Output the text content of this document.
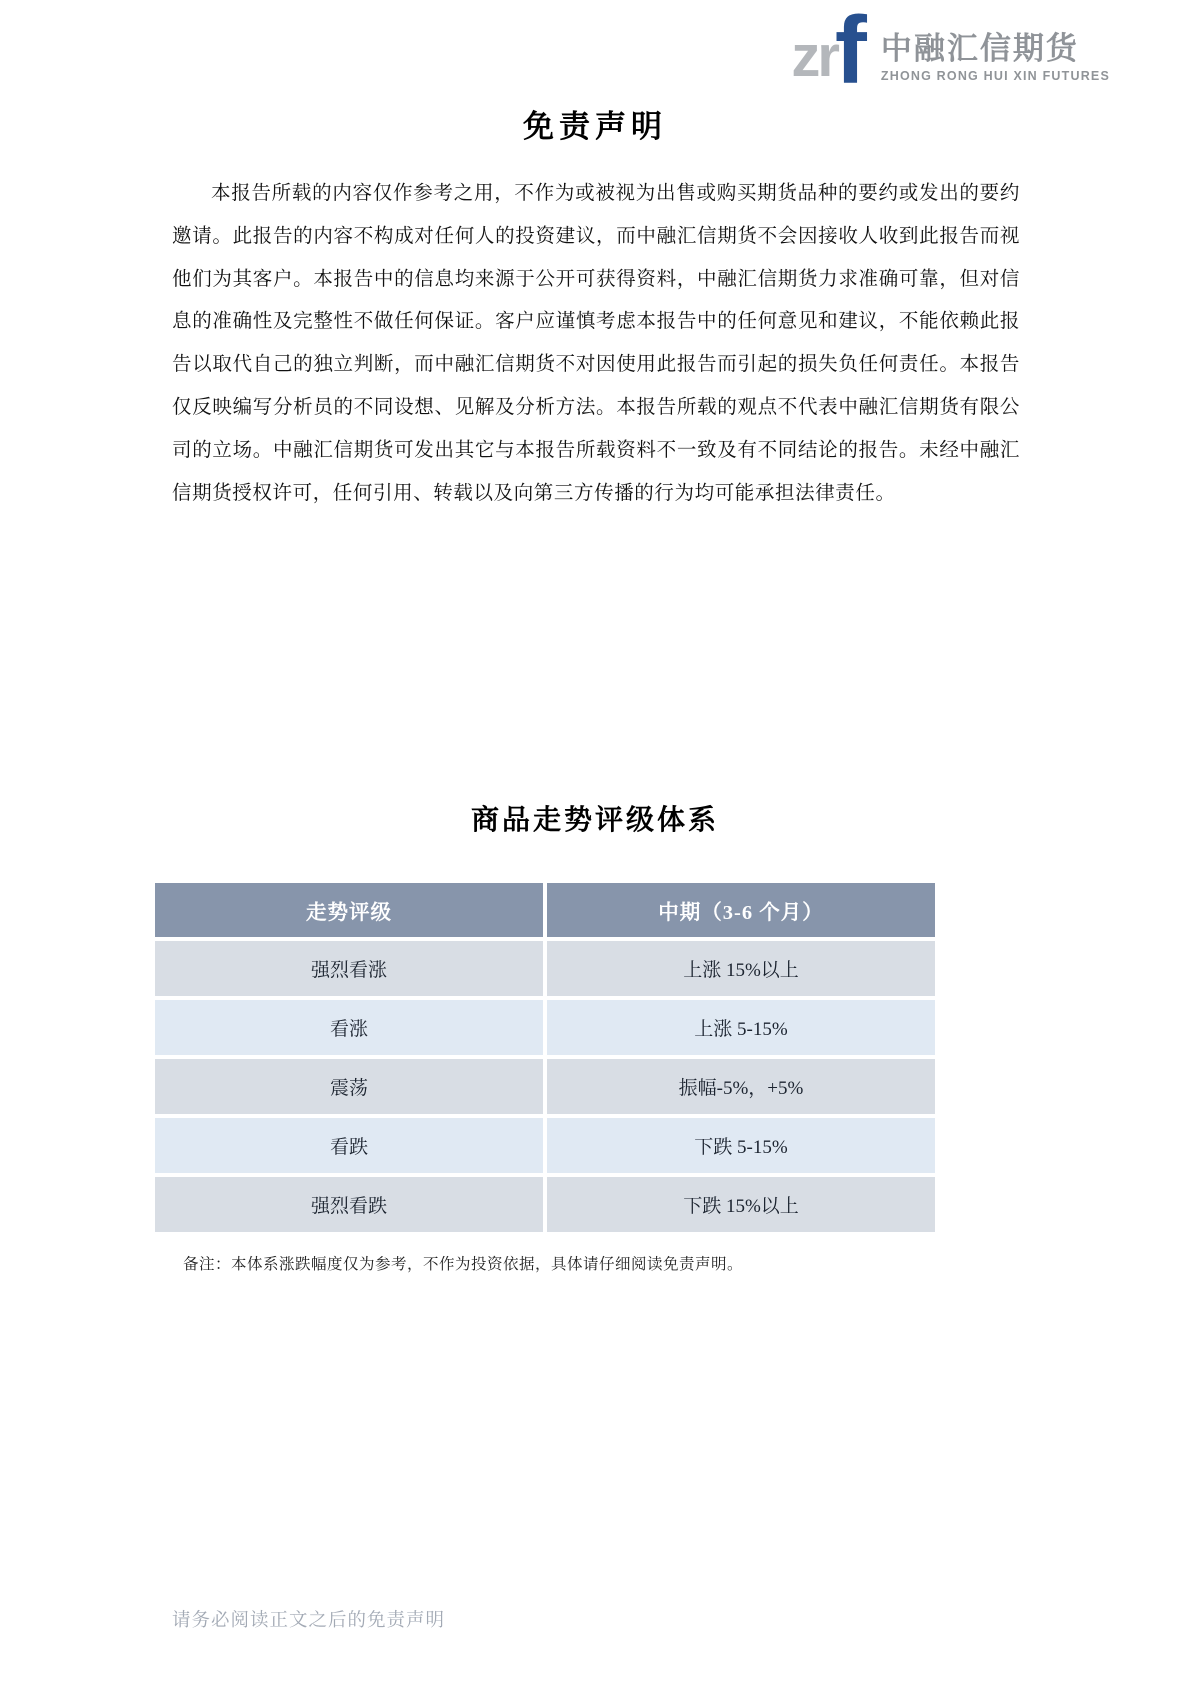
zr
f 中融汇信期货
ZHONG RONG HUI XIN FUTURES
免责声明
本报告所载的内容仅作参考之用，不作为或被视为出售或购买期货品种的要约或发出的要约邀请。此报告的内容不构成对任何人的投资建议，而中融汇信期货不会因接收人收到此报告而视他们为其客户。本报告中的信息均来源于公开可获得资料，中融汇信期货力求准确可靠，但对信息的准确性及完整性不做任何保证。客户应谨慎考虑本报告中的任何意见和建议，不能依赖此报告以取代自己的独立判断，而中融汇信期货不对因使用此报告而引起的损失负任何责任。本报告仅反映编写分析员的不同设想、见解及分析方法。本报告所载的观点不代表中融汇信期货有限公司的立场。中融汇信期货可发出其它与本报告所载资料不一致及有不同结论的报告。未经中融汇信期货授权许可，任何引用、转载以及向第三方传播的行为均可能承担法律责任。
商品走势评级体系
走势评级	中期（3-6 个月）
强烈看涨	上涨 15%以上
看涨	上涨 5-15%
震荡	振幅-5%，+5%
看跌	下跌 5-15%
强烈看跌	下跌 15%以上
备注：本体系涨跌幅度仅为参考，不作为投资依据，具体请仔细阅读免责声明。
请务必阅读正文之后的免责声明
